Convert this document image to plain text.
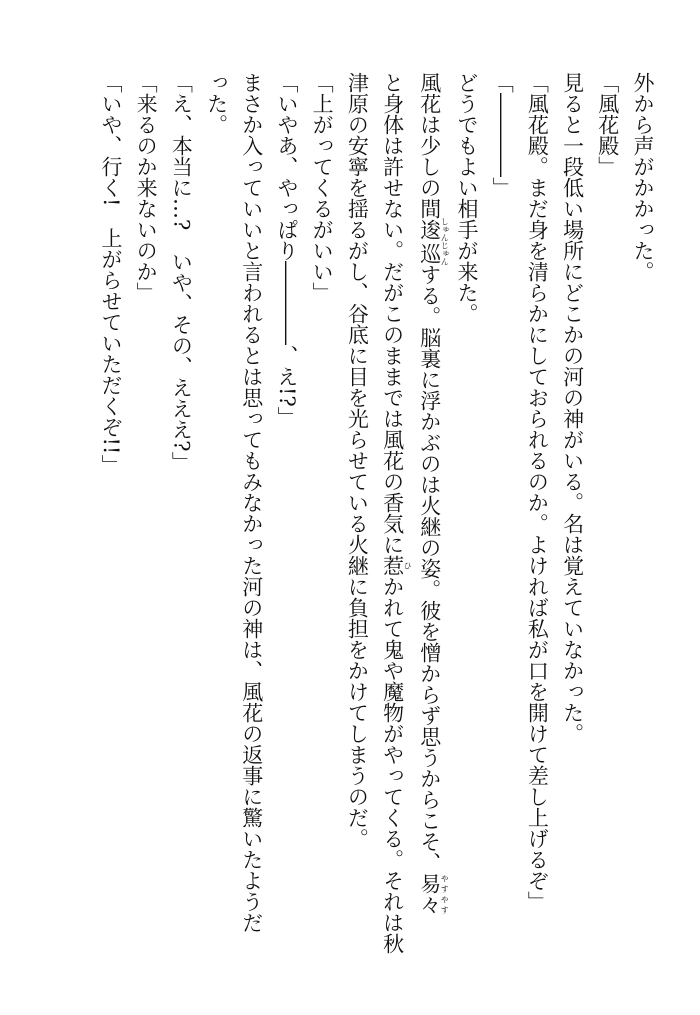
外から声がかかった。

「風花殿」

見ると一段低い場所にどこかの河の神がいる。名は覚えていなかった。

「風花殿。まだ身を清らかにしておられるのか。よければ私が口を開けて差し上げるぞ」

「――――」

どうでもよい相手が来た。

風花は少しの間逡巡しゅんじゅんする。脳裏に浮かぶのは火継の姿。彼を憎からず思うからこそ、易々やすやす

と身体は許せない。だがこのままでは風花の香気に惹ひかれて鬼や魔物がやってくる。それは秋

津原の安寧を揺るがし、谷底に目を光らせている火継に負担をかけてしまうのだ。

「上がってくるがいい」

「いやあ、やっぱり――――、え!?」

まさか入っていいと言われるとは思ってもみなかった河の神は、風花の返事に驚いたようだ

った。

「え、本当に…?　いや、その、えええ?」

「来るのか来ないのか」

「いや、行く!　上がらせていただくぞ!!」
